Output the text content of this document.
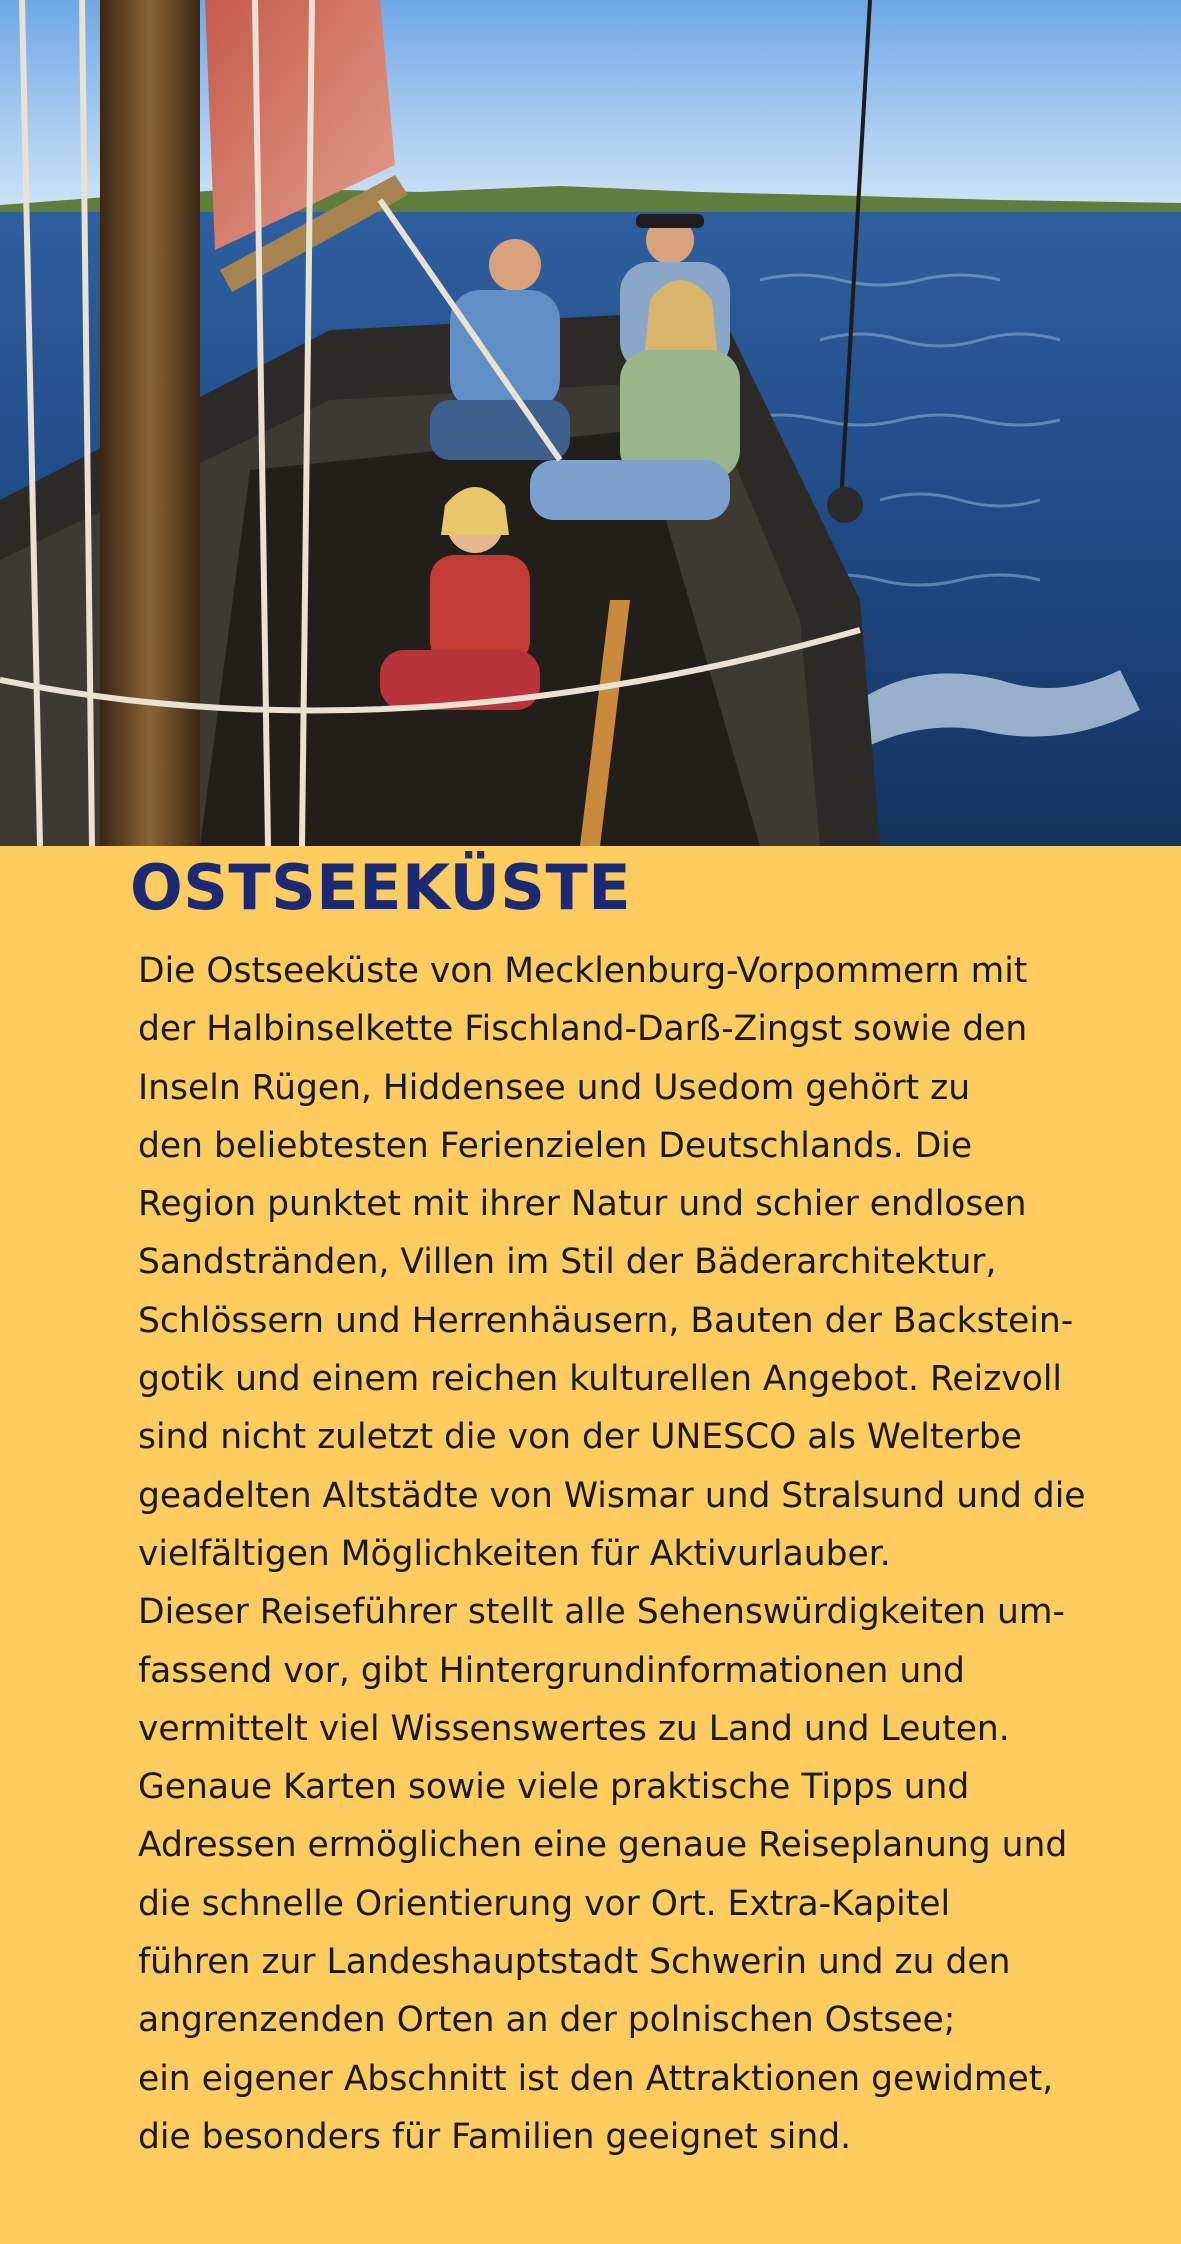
OSTSEEKÜSTE

Die Ostseeküste von Mecklenburg-Vorpommern mit
der Halbinselkette Fischland-Darß-Zingst sowie den
Inseln Rügen, Hiddensee und Usedom gehört zu
den beliebtesten Ferienzielen Deutschlands. Die
Region punktet mit ihrer Natur und schier endlosen
Sandstränden, Villen im Stil der Bäderarchitektur,
Schlössern und Herrenhäusern, Bauten der Backstein-
gotik und einem reichen kulturellen Angebot. Reizvoll
sind nicht zuletzt die von der UNESCO als Welterbe
geadelten Altstädte von Wismar und Stralsund und die
vielfältigen Möglichkeiten für Aktivurlauber.
Dieser Reiseführer stellt alle Sehenswürdigkeiten um-
fassend vor, gibt Hintergrundinformationen und
vermittelt viel Wissenswertes zu Land und Leuten.
Genaue Karten sowie viele praktische Tipps und
Adressen ermöglichen eine genaue Reiseplanung und
die schnelle Orientierung vor Ort. Extra-Kapitel
führen zur Landeshauptstadt Schwerin und zu den
angrenzenden Orten an der polnischen Ostsee;
ein eigener Abschnitt ist den Attraktionen gewidmet,
die besonders für Familien geeignet sind.
